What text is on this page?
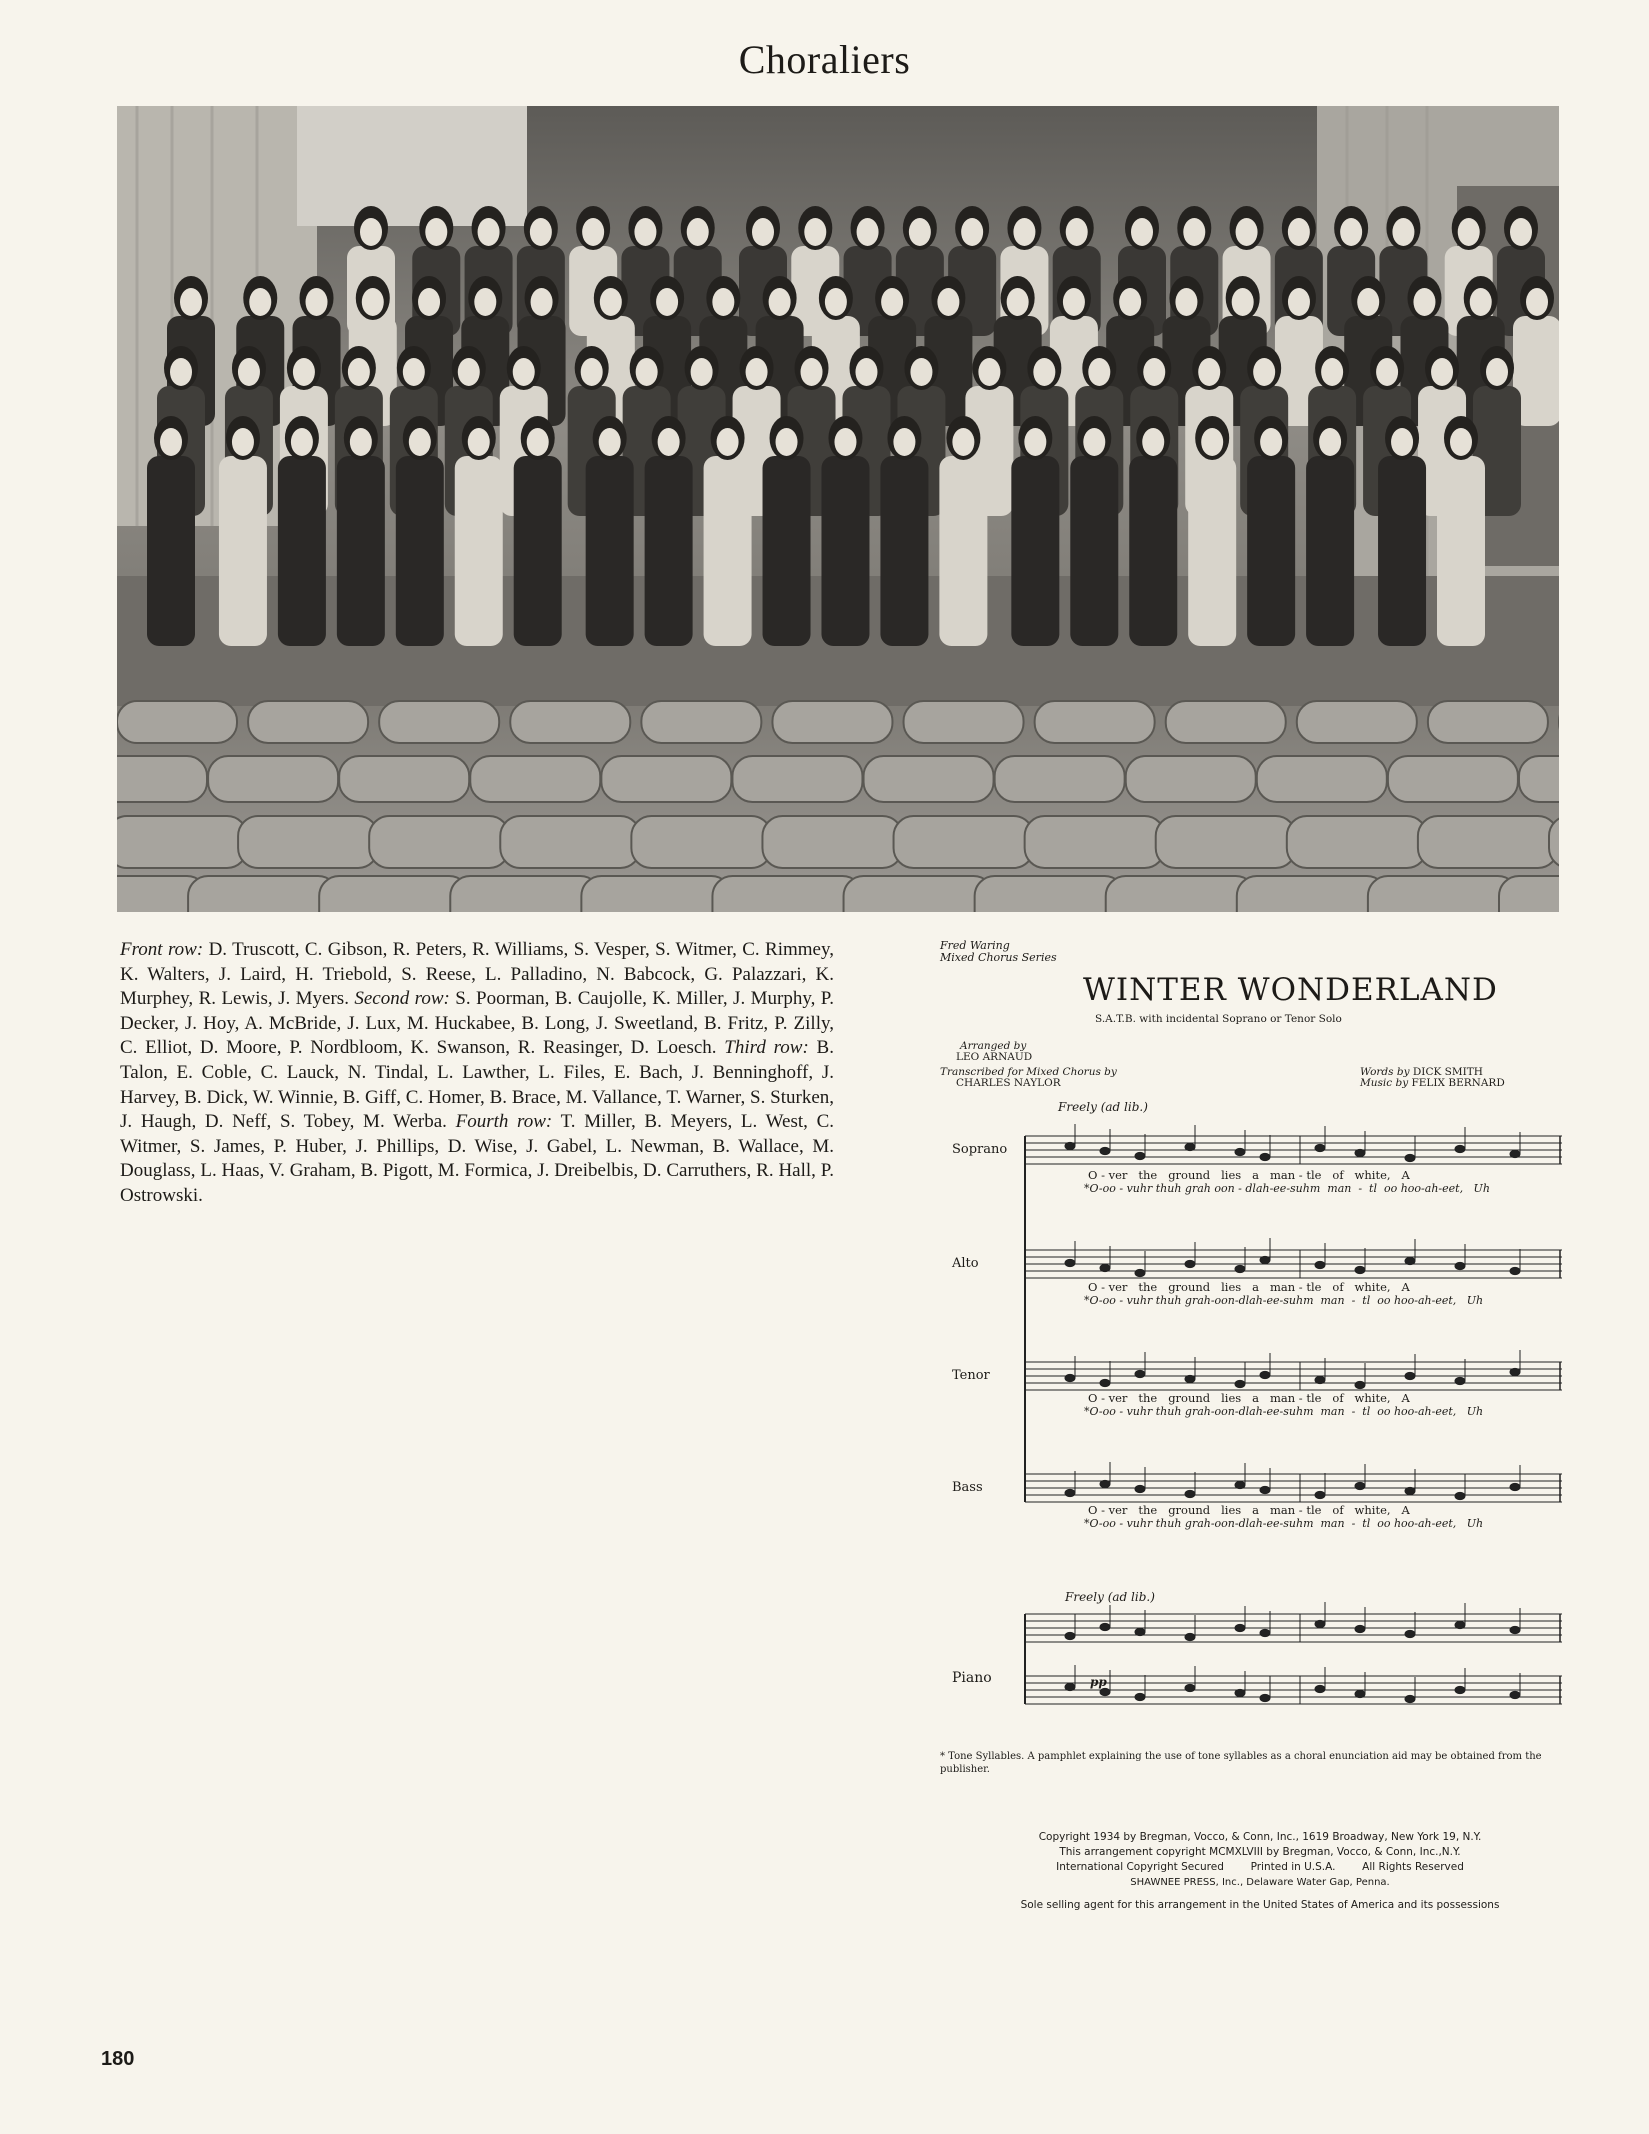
Choraliers
Front row: D. Truscott, C. Gibson, R. Peters, R. Williams, S. Vesper, S. Witmer, C. Rimmey, K. Walters, J. Laird, H. Triebold, S. Reese, L. Palladino, N. Babcock, G. Palazzari, K. Murphey, R. Lewis, J. Myers. Second row: S. Poorman, B. Caujolle, K. Miller, J. Murphy, P. Decker, J. Hoy, A. McBride, J. Lux, M. Huckabee, B. Long, J. Sweetland, B. Fritz, P. Zilly, C. Elliot, D. Moore, P. Nordbloom, K. Swanson, R. Reasinger, D. Loesch. Third row: B. Talon, E. Coble, C. Lauck, N. Tindal, L. Lawther, L. Files, E. Bach, J. Benninghoff, J. Harvey, B. Dick, W. Winnie, B. Giff, C. Homer, B. Brace, M. Vallance, T. Warner, S. Sturken, J. Haugh, D. Neff, S. Tobey, M. Werba. Fourth row: T. Miller, B. Meyers, L. West, C. Witmer, S. James, P. Huber, J. Phillips, D. Wise, J. Gabel, L. Newman, B. Wallace, M. Douglass, L. Haas, V. Graham, B. Pigott, M. Formica, J. Dreibelbis, D. Carruthers, R. Hall, P. Ostrowski.
Fred Waring
Mixed Chorus Series
WINTER WONDERLAND
S.A.T.B. with incidental Soprano or Tenor Solo
Arranged by
LEO ARNAUD
Transcribed for Mixed Chorus by
CHARLES NAYLOR
Words by DICK SMITH
Music by FELIX BERNARD
Freely (ad lib.)
Soprano
O - ver   the   ground   lies   a   man - tle   of   white,   A
*O-oo - vuhr thuh grah oon - dlah-ee-suhm  man  -  tl  oo hoo-ah-eet,   Uh
Alto
O - ver   the   ground   lies   a   man - tle   of   white,   A
*O-oo - vuhr thuh grah-oon-dlah-ee-suhm  man  -  tl  oo hoo-ah-eet,   Uh
Tenor
O - ver   the   ground   lies   a   man - tle   of   white,   A
*O-oo - vuhr thuh grah-oon-dlah-ee-suhm  man  -  tl  oo hoo-ah-eet,   Uh
Bass
O - ver   the   ground   lies   a   man - tle   of   white,   A
*O-oo - vuhr thuh grah-oon-dlah-ee-suhm  man  -  tl  oo hoo-ah-eet,   Uh
Freely (ad lib.)
Piano	pp
* Tone Syllables. A pamphlet explaining the use of tone syllables as a choral enunciation aid may be obtained from the publisher.
Copyright 1934 by Bregman, Vocco, & Conn, Inc., 1619 Broadway, New York 19, N.Y.
This arrangement copyright MCMXLVIII by Bregman, Vocco, & Conn, Inc.,N.Y.
International Copyright Secured        Printed in U.S.A.        All Rights Reserved
SHAWNEE PRESS, Inc., Delaware Water Gap, Penna.
Sole selling agent for this arrangement in the United States of America and its possessions
180
